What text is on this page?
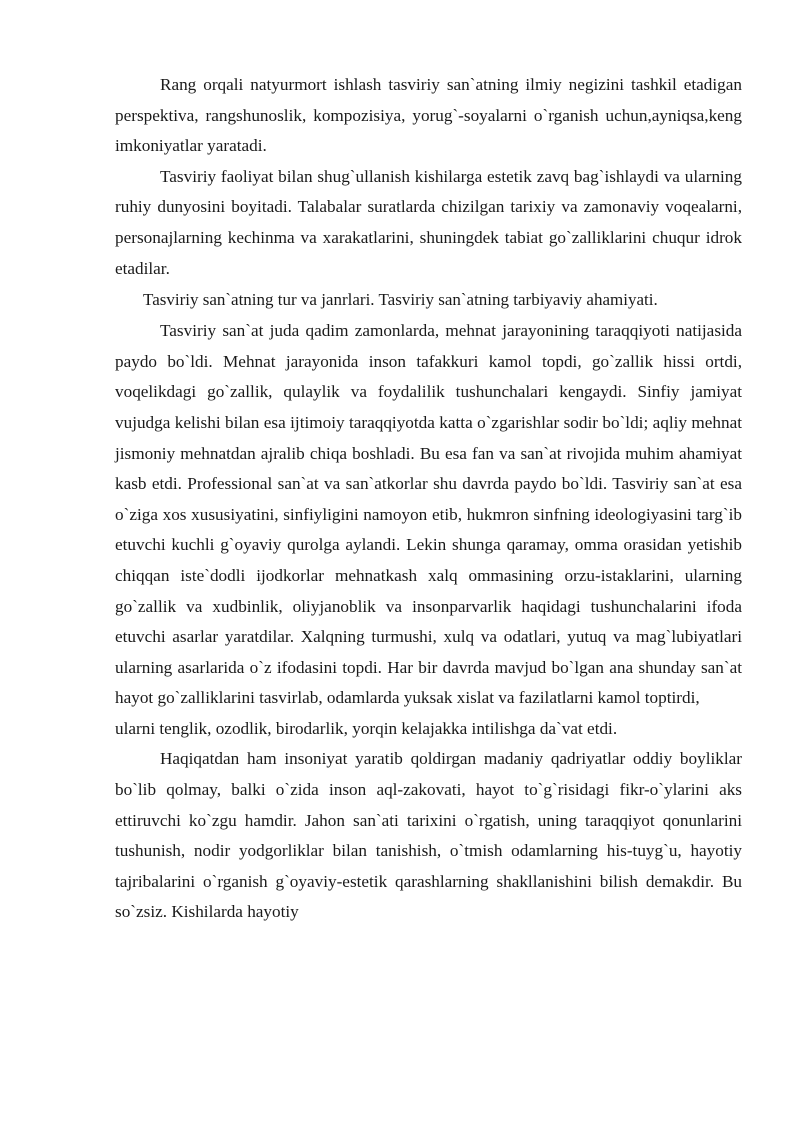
Rang orqali natyurmort ishlash tasviriy san`atning ilmiy negizini tashkil etadigan perspektiva, rangshunoslik, kompozisiya, yorug`-soyalarni o`rganish uchun,ayniqsa,keng imkoniyatlar yaratadi.

Tasviriy faoliyat bilan shug`ullanish kishilarga estetik zavq bag`ishlaydi va ularning ruhiy dunyosini boyitadi. Talabalar suratlarda chizilgan tarixiy va zamonaviy voqealarni, personajlarning kechinma va xarakatlarini, shuningdek tabiat go`zalliklarini chuqur idrok etadilar.

Tasviriy san`atning tur va janrlari. Tasviriy san`atning tarbiyaviy ahamiyati.

Tasviriy san`at juda qadim zamonlarda, mehnat jarayonining taraqqiyoti natijasida paydo bo`ldi. Mehnat jarayonida inson tafakkuri kamol topdi, go`zallik hissi ortdi, voqelikdagi go`zallik, qulaylik va foydalilik tushunchalari kengaydi. Sinfiy jamiyat vujudga kelishi bilan esa ijtimoiy taraqqiyotda katta o`zgarishlar sodir bo`ldi; aqliy mehnat jismoniy mehnatdan ajralib chiqa boshladi. Bu esa fan va san`at rivojida muhim ahamiyat kasb etdi. Professional san`at va san`atkorlar shu davrda paydo bo`ldi. Tasviriy san`at esa o`ziga xos xususiyatini, sinfiyligini namoyon etib, hukmron sinfning ideologiyasini targ`ib etuvchi kuchli g`oyaviy qurolga aylandi. Lekin shunga qaramay, omma orasidan yetishib chiqqan iste`dodli ijodkorlar mehnatkash xalq ommasining orzu-istaklarini, ularning go`zallik va xudbinlik, oliyjanoblik va insonparvarlik haqidagi tushunchalarini ifoda etuvchi asarlar yaratdilar. Xalqning turmushi, xulq va odatlari, yutuq va mag`lubiyatlari ularning asarlarida o`z ifodasini topdi. Har bir davrda mavjud bo`lgan ana shunday san`at hayot go`zalliklarini tasvirlab, odamlarda yuksak xislat va fazilatlarni kamol toptirdi,

ularni tenglik, ozodlik, birodarlik, yorqin kelajakka intilishga da`vat etdi.

Haqiqatdan ham insoniyat yaratib qoldirgan madaniy qadriyatlar oddiy boyliklar bo`lib qolmay, balki o`zida inson aql-zakovati, hayot to`g`risidagi fikr-o`ylarini aks ettiruvchi ko`zgu hamdir. Jahon san`ati tarixini o`rgatish, uning taraqqiyot qonunlarini tushunish, nodir yodgorliklar bilan tanishish, o`tmish odamlarning his-tuyg`u, hayotiy tajribalarini o`rganish g`oyaviy-estetik qarashlarning shakllanishini bilish demakdir. Bu so`zsiz. Kishilarda hayotiy
